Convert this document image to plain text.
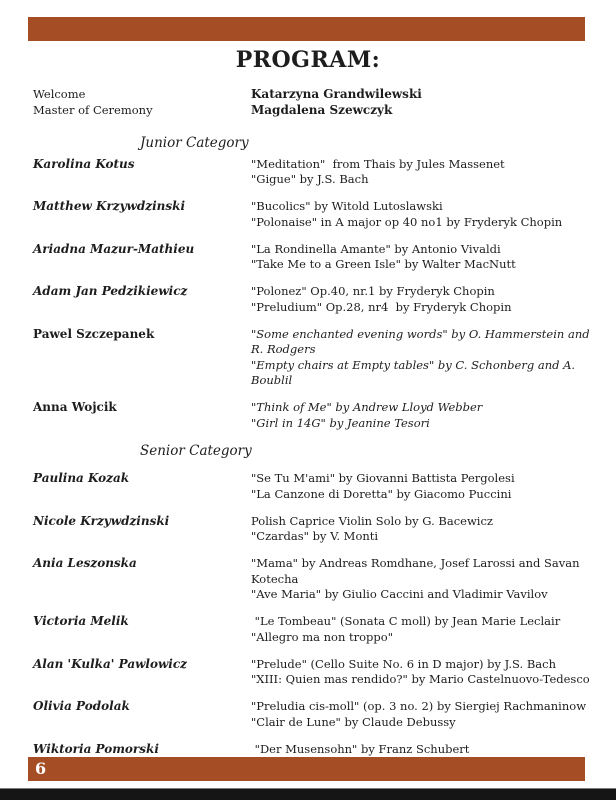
PROGRAM:
Welcome	Katarzyna Grandwilewski
Master of Ceremony	Magdalena Szewczyk
Junior Category
Karolina Kotus	"Meditation"  from Thais by Jules Massenet
"Gigue" by J.S. Bach
Matthew Krzywdzinski	"Bucolics" by Witold Lutoslawski
"Polonaise" in A major op 40 no1 by Fryderyk Chopin
Ariadna Mazur-Mathieu	"La Rondinella Amante" by Antonio Vivaldi
"Take Me to a Green Isle" by Walter MacNutt
Adam Jan Pedzikiewicz	"Polonez" Op.40, nr.1 by Fryderyk Chopin
"Preludium" Op.28, nr4  by Fryderyk Chopin
Pawel Szczepanek	"Some enchanted evening words" by O. Hammerstein and R. Rodgers
"Empty chairs at Empty tables" by C. Schonberg and A. Boublil
Anna Wojcik	"Think of Me" by Andrew Lloyd Webber
"Girl in 14G" by Jeanine Tesori
Senior Category
Paulina Kozak	"Se Tu M'ami" by Giovanni Battista Pergolesi
"La Canzone di Doretta" by Giacomo Puccini
Nicole Krzywdzinski	Polish Caprice Violin Solo by G. Bacewicz
"Czardas" by V. Monti
Ania Leszonska	"Mama" by Andreas Romdhane, Josef Larossi and Savan Kotecha
"Ave Maria" by Giulio Caccini and Vladimir Vavilov
Victoria Melik	"Le Tombeau" (Sonata C moll) by Jean Marie Leclair
"Allegro ma non troppo"
Alan 'Kulka' Pawlowicz	"Prelude" (Cello Suite No. 6 in D major) by J.S. Bach
"XIII: Quien mas rendido?" by Mario Castelnuovo-Tedesco
Olivia Podolak	"Preludia cis-moll" (op. 3 no. 2) by Siergiej Rachmaninow
"Clair de Lune" by Claude Debussy
Wiktoria Pomorski	"Der Musensohn" by Franz Schubert
6
